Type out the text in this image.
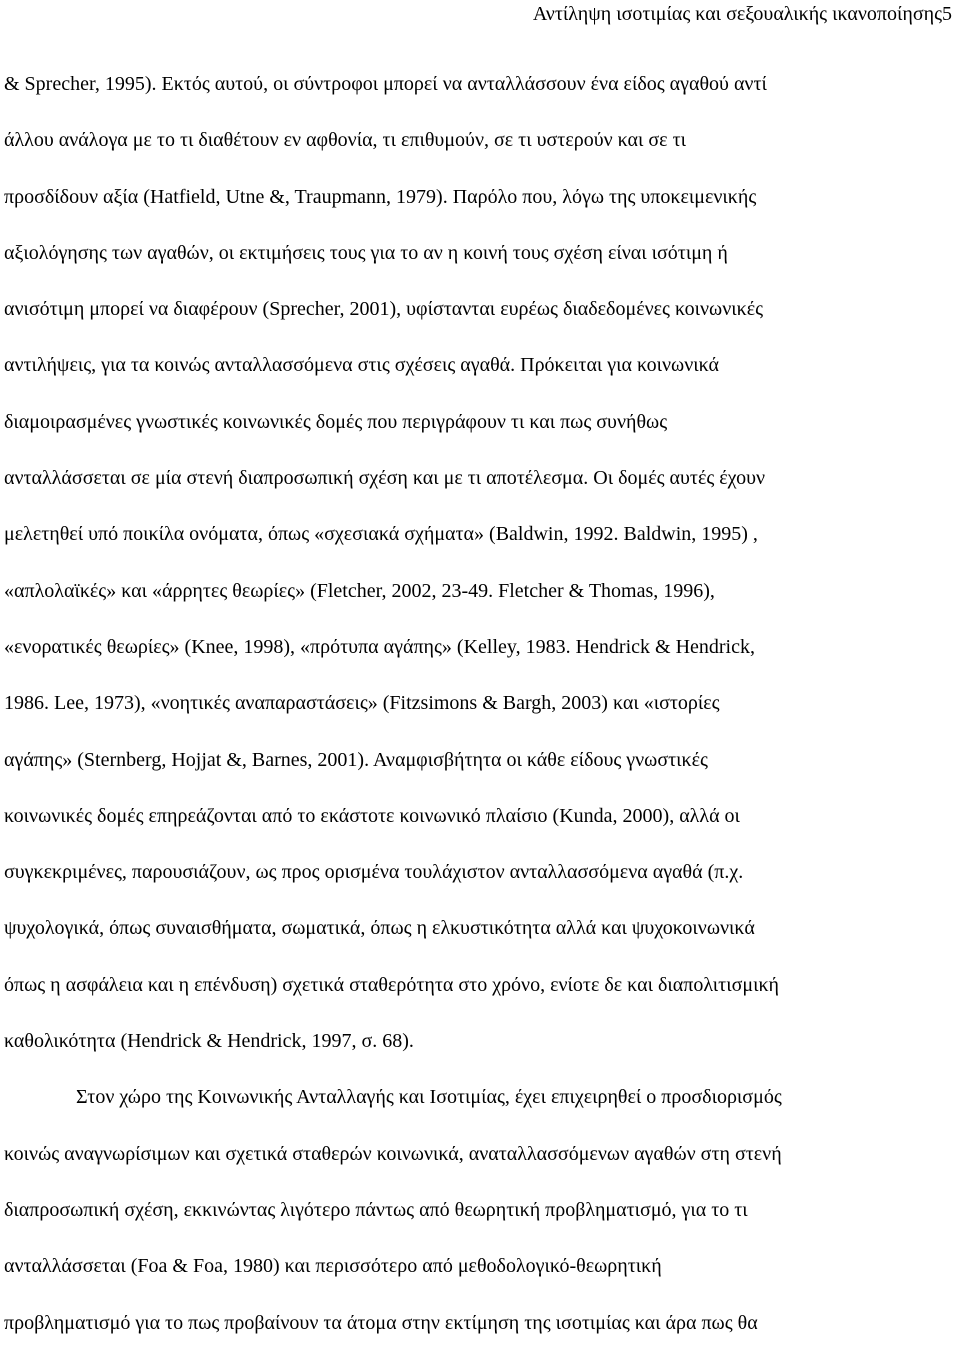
Αντίληψη ισοτιμίας και σεξουαλικής ικανοποίησης5
& Sprecher, 1995). Εκτός αυτού, οι σύντροφοι μπορεί να ανταλλάσσουν ένα είδος αγαθού αντί
άλλου ανάλογα με το τι διαθέτουν εν αφθονία, τι επιθυμούν, σε τι υστερούν και σε τι
προσδίδουν αξία (Hatfield, Utne &, Traupmann, 1979). Παρόλο που, λόγω της υποκειμενικής
αξιολόγησης των αγαθών, οι εκτιμήσεις τους για το αν η κοινή τους σχέση είναι ισότιμη ή
ανισότιμη μπορεί να διαφέρουν (Sprecher, 2001), υφίστανται ευρέως διαδεδομένες κοινωνικές
αντιλήψεις, για τα κοινώς ανταλλασσόμενα στις σχέσεις αγαθά. Πρόκειται για κοινωνικά
διαμοιρασμένες γνωστικές κοινωνικές δομές που περιγράφουν τι και πως συνήθως
ανταλλάσσεται σε μία στενή διαπροσωπική σχέση και με τι αποτέλεσμα. Οι δομές αυτές έχουν
μελετηθεί υπό ποικίλα ονόματα, όπως «σχεσιακά σχήματα» (Baldwin, 1992. Baldwin, 1995) ,
«απλολαϊκές» και «άρρητες θεωρίες» (Fletcher, 2002, 23-49. Fletcher & Thomas, 1996),
«ενορατικές θεωρίες» (Knee, 1998), «πρότυπα αγάπης» (Kelley, 1983. Hendrick & Hendrick,
1986. Lee, 1973), «νοητικές αναπαραστάσεις» (Fitzsimons & Bargh, 2003) και «ιστορίες
αγάπης» (Sternberg, Hojjat &, Barnes, 2001). Αναμφισβήτητα οι κάθε είδους γνωστικές
κοινωνικές δομές επηρεάζονται από το εκάστοτε κοινωνικό πλαίσιο (Kunda, 2000), αλλά οι
συγκεκριμένες, παρουσιάζουν, ως προς ορισμένα τουλάχιστον ανταλλασσόμενα αγαθά (π.χ.
ψυχολογικά, όπως συναισθήματα, σωματικά, όπως η ελκυστικότητα αλλά και ψυχοκοινωνικά
όπως η ασφάλεια και η επένδυση) σχετικά σταθερότητα στο χρόνο, ενίοτε δε και διαπολιτισμική
καθολικότητα (Hendrick & Hendrick, 1997, σ. 68).
Στον χώρο της Κοινωνικής Ανταλλαγής και Ισοτιμίας, έχει επιχειρηθεί ο προσδιορισμός
κοινώς αναγνωρίσιμων και σχετικά σταθερών κοινωνικά, αναταλλασσόμενων αγαθών στη στενή
διαπροσωπική σχέση, εκκινώντας λιγότερο πάντως από θεωρητική προβληματισμό, για το τι
ανταλλάσσεται (Foa & Foa, 1980) και περισσότερο από μεθοδολογικό-θεωρητική
προβληματισμό για το πως προβαίνουν τα άτομα στην εκτίμηση της ισοτιμίας και άρα πως θα
